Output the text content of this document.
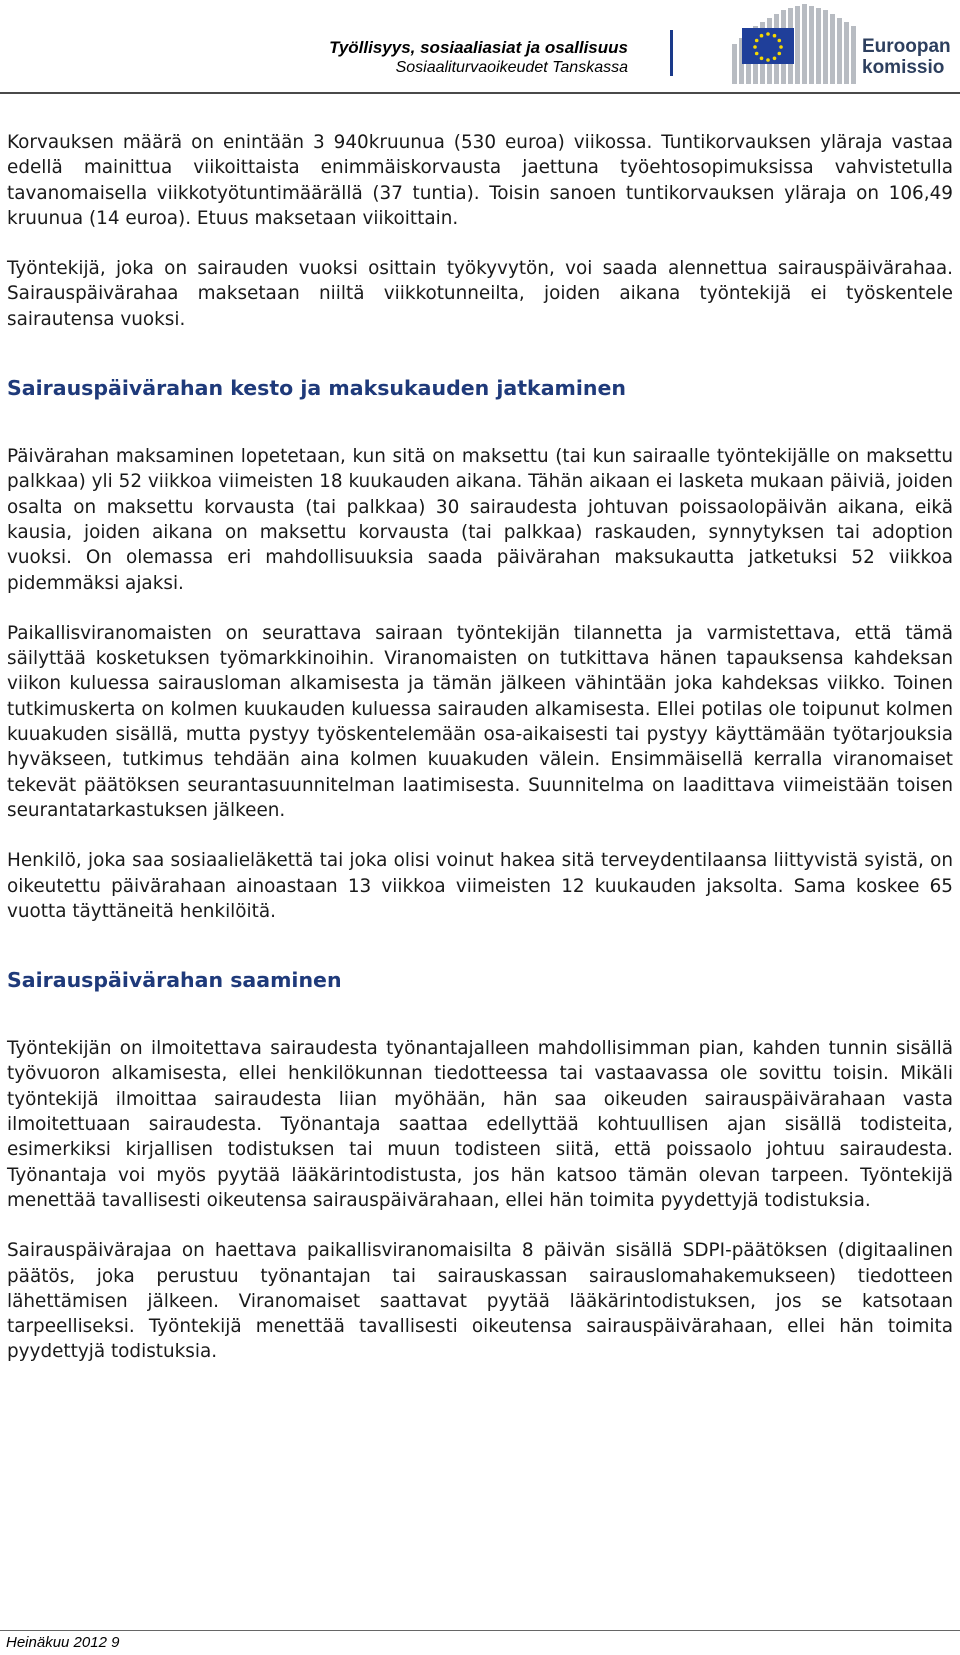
Työllisyys, sosiaaliasiat ja osallisuus
Sosiaaliturvaoikeudet Tanskassa
Euroopan
komissio

Korvauksen määrä on enintään 3 940kruunua (530 euroa) viikossa. Tuntikorvauksen yläraja vastaa edellä mainittua viikoittaista enimmäiskorvausta jaettuna työehtosopimuksissa vahvistetulla tavanomaisella viikkotyötuntimäärällä (37 tuntia). Toisin sanoen tuntikorvauksen yläraja on 106,49 kruunua (14 euroa). Etuus maksetaan viikoittain.

Työntekijä, joka on sairauden vuoksi osittain työkyvytön, voi saada alennettua sairauspäivärahaa. Sairauspäivärahaa maksetaan niiltä viikkotunneilta, joiden aikana työntekijä ei työskentele sairautensa vuoksi.

Sairauspäivärahan kesto ja maksukauden jatkaminen

Päivärahan maksaminen lopetetaan, kun sitä on maksettu (tai kun sairaalle työntekijälle on maksettu palkkaa) yli 52 viikkoa viimeisten 18 kuukauden aikana. Tähän aikaan ei lasketa mukaan päiviä, joiden osalta on maksettu korvausta (tai palkkaa) 30 sairaudesta johtuvan poissaolopäivän aikana, eikä kausia, joiden aikana on maksettu korvausta (tai palkkaa) raskauden, synnytyksen tai adoption vuoksi. On olemassa eri mahdollisuuksia saada päivärahan maksukautta jatketuksi 52 viikkoa pidemmäksi ajaksi.

Paikallisviranomaisten on seurattava sairaan työntekijän tilannetta ja varmistettava, että tämä säilyttää kosketuksen työmarkkinoihin. Viranomaisten on tutkittava hänen tapauksensa kahdeksan viikon kuluessa sairausloman alkamisesta ja tämän jälkeen vähintään joka kahdeksas viikko. Toinen tutkimuskerta on kolmen kuukauden kuluessa sairauden alkamisesta. Ellei potilas ole toipunut kolmen kuuakuden sisällä, mutta pystyy työskentelemään osa-aikaisesti tai pystyy käyttämään työtarjouksia hyväkseen, tutkimus tehdään aina kolmen kuuakuden välein. Ensimmäisellä kerralla viranomaiset tekevät päätöksen seurantasuunnitelman laatimisesta. Suunnitelma on laadittava viimeistään toisen seurantatarkastuksen jälkeen.

Henkilö, joka saa sosiaalieläkettä tai joka olisi voinut hakea sitä terveydentilaansa liittyvistä syistä, on oikeutettu päivärahaan ainoastaan 13 viikkoa viimeisten 12 kuukauden jaksolta. Sama koskee 65 vuotta täyttäneitä henkilöitä.

Sairauspäivärahan saaminen

Työntekijän on ilmoitettava sairaudesta työnantajalleen mahdollisimman pian, kahden tunnin sisällä työvuoron alkamisesta, ellei henkilökunnan tiedotteessa tai vastaavassa ole sovittu toisin. Mikäli työntekijä ilmoittaa sairaudesta liian myöhään, hän saa oikeuden sairauspäivärahaan vasta ilmoitettuaan sairaudesta. Työnantaja saattaa edellyttää kohtuullisen ajan sisällä todisteita, esimerkiksi kirjallisen todistuksen tai muun todisteen siitä, että poissaolo johtuu sairaudesta. Työnantaja voi myös pyytää lääkärintodistusta, jos hän katsoo tämän olevan tarpeen. Työntekijä menettää tavallisesti oikeutensa sairauspäivärahaan, ellei hän toimita pyydettyjä todistuksia.

Sairauspäivärajaa on haettava paikallisviranomaisilta 8 päivän sisällä SDPI-päätöksen (digitaalinen päätös, joka perustuu työnantajan tai sairauskassan sairauslomahakemukseen) tiedotteen lähettämisen jälkeen. Viranomaiset saattavat pyytää lääkärintodistuksen, jos se katsotaan tarpeelliseksi. Työntekijä menettää tavallisesti oikeutensa sairauspäivärahaan, ellei hän toimita pyydettyjä todistuksia.

Heinäkuu 2012 9
